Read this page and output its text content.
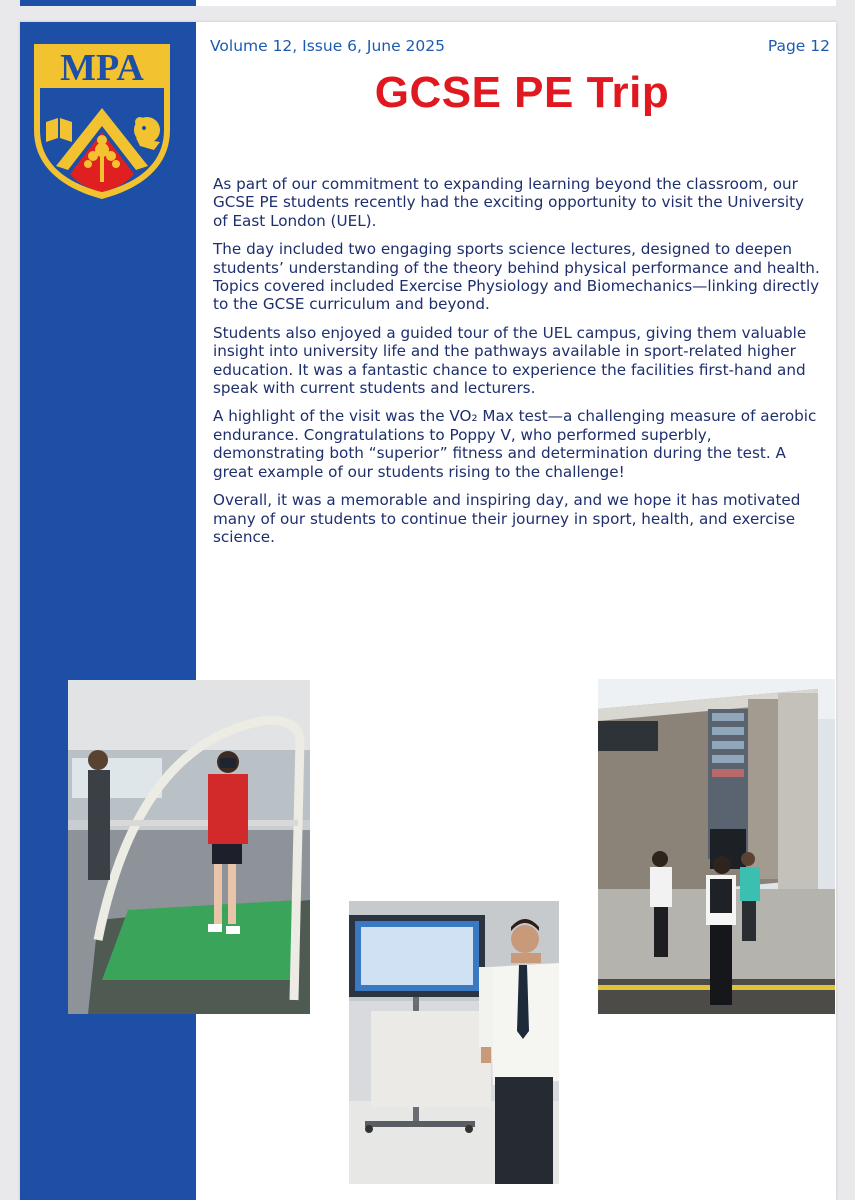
MPA
Volume 12, Issue 6, June 2025	Page 12
GCSE PE Trip

As part of our commitment to expanding learning beyond the classroom, our GCSE PE students recently had the exciting opportunity to visit the University of East London (UEL).

The day included two engaging sports science lectures, designed to deepen students’ understanding of the theory behind physical performance and health. Topics covered included Exercise Physiology and Biomechanics—linking directly to the GCSE curriculum and beyond.

Students also enjoyed a guided tour of the UEL campus, giving them valuable insight into university life and the pathways available in sport-related higher education. It was a fantastic chance to experience the facilities first-hand and speak with current students and lecturers.

A highlight of the visit was the VO₂ Max test—a challenging measure of aerobic endurance. Congratulations to Poppy V, who performed superbly, demonstrating both “superior” fitness and determination during the test. A great example of our students rising to the challenge!

Overall, it was a memorable and inspiring day, and we hope it has motivated many of our students to continue their journey in sport, health, and exercise science.
